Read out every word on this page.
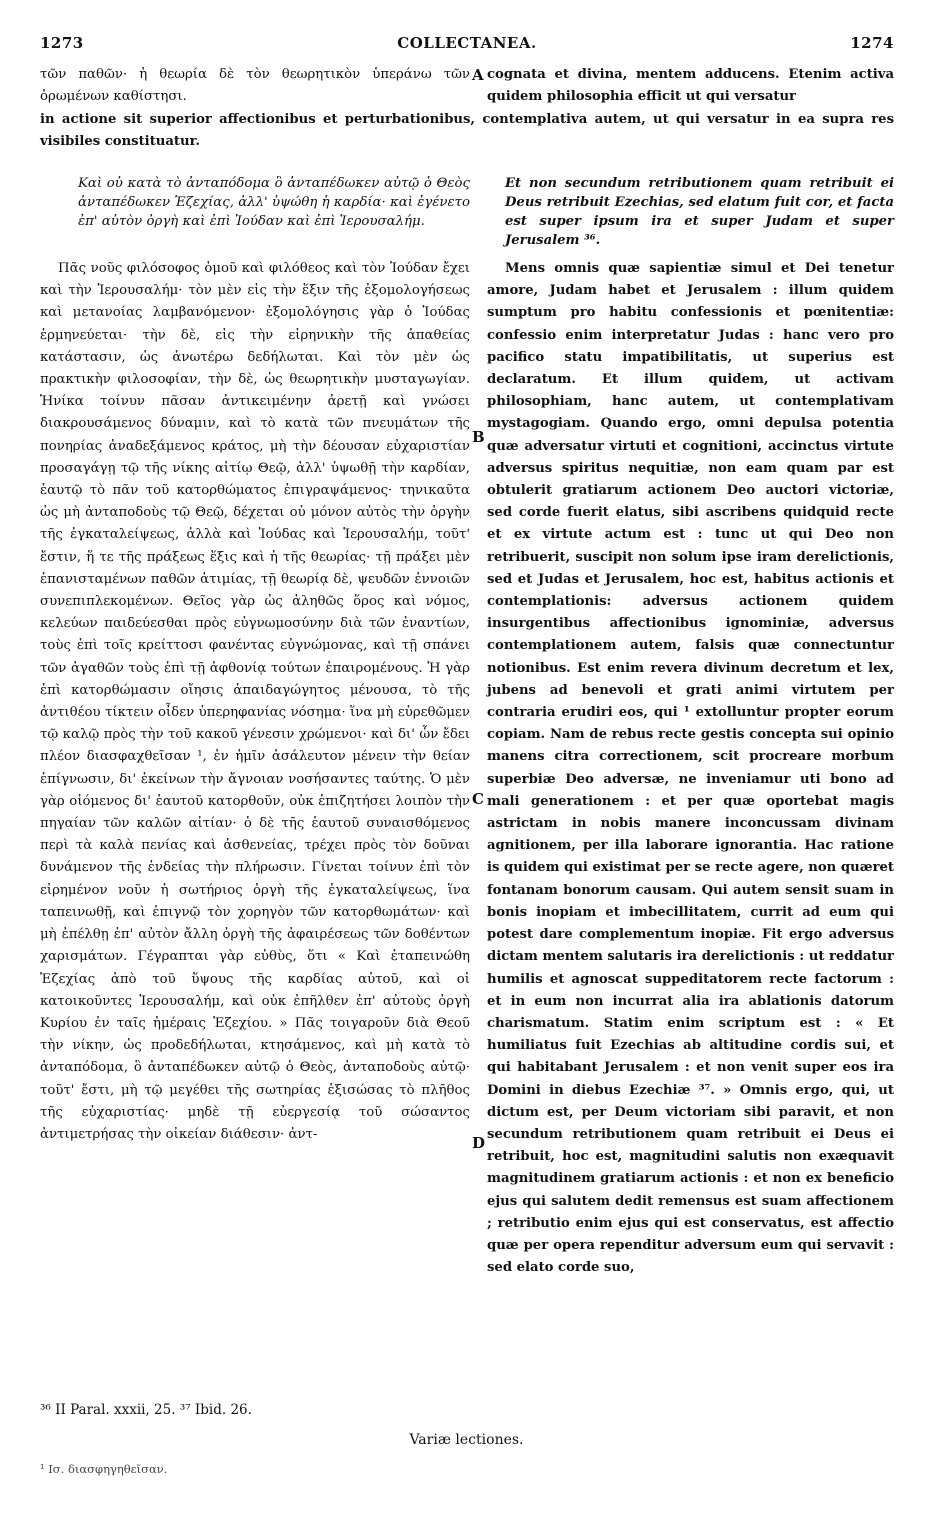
1273	COLLECTANEA.	1274

τῶν παθῶν· ἡ θεωρία δὲ τὸν θεωρητικὸν ὑπεράνω τῶν ὁρωμένων καθίστησι.

cognata et divina, mentem adducens. Etenim activa quidem philosophia efficit ut qui versatur

in actione sit superior affectionibus et perturbationibus, contemplativa autem, ut qui versatur in ea supra res visibiles constituatur.

Καὶ οὐ κατὰ τὸ ἀνταπόδομα ὃ ἀνταπέδωκεν αὐτῷ ὁ Θεὸς ἀνταπέδωκεν Ἐζεχίας, ἀλλ' ὑψώθη ἡ καρδία· καὶ ἐγένετο ἐπ' αὐτὸν ὀργὴ καὶ ἐπὶ Ἰούδαν καὶ ἐπὶ Ἱερουσαλήμ.

Et non secundum retributionem quam retribuit ei Deus retribuit Ezechias, sed elatum fuit cor, et facta est super ipsum ira et super Judam et super Jerusalem ³⁶.

Πᾶς νοῦς φιλόσοφος ὁμοῦ καὶ φιλόθεος καὶ τὸν Ἰούδαν ἔχει καὶ τὴν Ἱερουσαλήμ· τὸν μὲν εἰς τὴν ἕξιν τῆς ἐξομολογήσεως καὶ μετανοίας λαμβανόμενον· ἐξομολόγησις γὰρ ὁ Ἰούδας ἑρμηνεύεται· τὴν δὲ, εἰς τὴν εἰρηνικὴν τῆς ἀπαθείας κατάστασιν, ὡς ἀνωτέρω δεδήλωται. Καὶ τὸν μὲν ὡς πρακτικὴν φιλοσοφίαν, τὴν δὲ, ὡς θεωρητικὴν μυσταγωγίαν. Ἡνίκα τοίνυν πᾶσαν ἀντικειμένην ἀρετῇ καὶ γνώσει διακρουσάμενος δύναμιν, καὶ τὸ κατὰ τῶν πνευμάτων τῆς πονηρίας ἀναδεξάμενος κράτος, μὴ τὴν δέουσαν εὐχαριστίαν προσαγάγῃ τῷ τῆς νίκης αἰτίῳ Θεῷ, ἀλλ' ὑψωθῇ τὴν καρδίαν, ἑαυτῷ τὸ πᾶν τοῦ κατορθώματος ἐπιγραψάμενος· τηνικαῦτα ὡς μὴ ἀνταποδοὺς τῷ Θεῷ, δέχεται οὐ μόνον αὐτὸς τὴν ὀργὴν τῆς ἐγκαταλείψεως, ἀλλὰ καὶ Ἰούδας καὶ Ἱερουσαλήμ, τοῦτ' ἔστιν, ἥ τε τῆς πράξεως ἕξις καὶ ἡ τῆς θεωρίας· τῇ πράξει μὲν ἐπανισταμένων παθῶν ἀτιμίας, τῇ θεωρίᾳ δὲ, ψευδῶν ἐννοιῶν συνεπιπλεκομένων. Θεῖος γὰρ ὡς ἀληθῶς ὅρος καὶ νόμος, κελεύων παιδεύεσθαι πρὸς εὐγνωμοσύνην διὰ τῶν ἐναντίων, τοὺς ἐπὶ τοῖς κρείττοσι φανέντας εὐγνώμονας, καὶ τῇ σπάνει τῶν ἀγαθῶν τοὺς ἐπὶ τῇ ἀφθονίᾳ τούτων ἐπαιρομένους. Ἡ γὰρ ἐπὶ κατορθώμασιν οἴησις ἀπαιδαγώγητος μένουσα, τὸ τῆς ἀντιθέου τίκτειν οἶδεν ὑπερηφανίας νόσημα· ἵνα μὴ εὑρεθῶμεν τῷ καλῷ πρὸς τὴν τοῦ κακοῦ γένεσιν χρώμενοι· καὶ δι' ὧν ἔδει πλέον διασφαχθεῖσαν ¹, ἐν ἡμῖν ἀσάλευτον μένειν τὴν θείαν ἐπίγνωσιν, δι' ἐκείνων τὴν ἄγνοιαν νοσήσαντες ταύτης. Ὁ μὲν γὰρ οἰόμενος δι' ἑαυτοῦ κατορθοῦν, οὐκ ἐπιζητήσει λοιπὸν τὴν πηγαίαν τῶν καλῶν αἰτίαν· ὁ δὲ τῆς ἑαυτοῦ συναισθόμενος περὶ τὰ καλὰ πενίας καὶ ἀσθενείας, τρέχει πρὸς τὸν δοῦναι δυνάμενον τῆς ἐνδείας τὴν πλήρωσιν. Γίνεται τοίνυν ἐπὶ τὸν εἰρημένον νοῦν ἡ σωτήριος ὀργὴ τῆς ἐγκαταλείψεως, ἵνα ταπεινωθῇ, καὶ ἐπιγνῷ τὸν χορηγὸν τῶν κατορθωμάτων· καὶ μὴ ἐπέλθῃ ἐπ' αὐτὸν ἄλλη ὀργὴ τῆς ἀφαιρέσεως τῶν δοθέντων χαρισμάτων. Γέγραπται γὰρ εὐθὺς, ὅτι « Καὶ ἐταπεινώθη Ἐζεχίας ἀπὸ τοῦ ὕψους τῆς καρδίας αὐτοῦ, καὶ οἱ κατοικοῦντες Ἱερουσαλήμ, καὶ οὐκ ἐπῆλθεν ἐπ' αὐτοὺς ὀργὴ Κυρίου ἐν ταῖς ἡμέραις Ἐζεχίου. » Πᾶς τοιγαροῦν διὰ Θεοῦ τὴν νίκην, ὡς προδεδήλωται, κτησάμενος, καὶ μὴ κατὰ τὸ ἀνταπόδομα, ὃ ἀνταπέδωκεν αὐτῷ ὁ Θεὸς, ἀνταποδοὺς αὐτῷ· τοῦτ' ἔστι, μὴ τῷ μεγέθει τῆς σωτηρίας ἐξισώσας τὸ πλῆθος τῆς εὐχαριστίας· μηδὲ τῇ εὐεργεσίᾳ τοῦ σώσαντος ἀντιμετρήσας τὴν οἰκείαν διάθεσιν· ἀντ-

Mens omnis quæ sapientiæ simul et Dei tenetur amore, Judam habet et Jerusalem : illum quidem sumptum pro habitu confessionis et pœnitentiæ: confessio enim interpretatur Judas : hanc vero pro pacifico statu impatibilitatis, ut superius est declaratum. Et illum quidem, ut activam philosophiam, hanc autem, ut contemplativam mystagogiam. Quando ergo, omni depulsa potentia quæ adversatur virtuti et cognitioni, accinctus virtute adversus spiritus nequitiæ, non eam quam par est obtulerit gratiarum actionem Deo auctori victoriæ, sed corde fuerit elatus, sibi ascribens quidquid recte et ex virtute actum est : tunc ut qui Deo non retribuerit, suscipit non solum ipse iram derelictionis, sed et Judas et Jerusalem, hoc est, habitus actionis et contemplationis: adversus actionem quidem insurgentibus affectionibus ignominiæ, adversus contemplationem autem, falsis quæ connectuntur notionibus. Est enim revera divinum decretum et lex, jubens ad benevoli et grati animi virtutem per contraria erudiri eos, qui ¹ extolluntur propter eorum copiam. Nam de rebus recte gestis concepta sui opinio manens citra correctionem, scit procreare morbum superbiæ Deo adversæ, ne inveniamur uti bono ad mali generationem : et per quæ oportebat magis astrictam in nobis manere inconcussam divinam agnitionem, per illa laborare ignorantia. Hac ratione is quidem qui existimat per se recte agere, non quæret fontanam bonorum causam. Qui autem sensit suam in bonis inopiam et imbecillitatem, currit ad eum qui potest dare complementum inopiæ. Fit ergo adversus dictam mentem salutaris ira derelictionis : ut reddatur humilis et agnoscat suppeditatorem recte factorum : et in eum non incurrat alia ira ablationis datorum charismatum. Statim enim scriptum est : « Et humiliatus fuit Ezechias ab altitudine cordis sui, et qui habitabant Jerusalem : et non venit super eos ira Domini in diebus Ezechiæ ³⁷. » Omnis ergo, qui, ut dictum est, per Deum victoriam sibi paravit, et non secundum retributionem quam retribuit ei Deus ei retribuit, hoc est, magnitudini salutis non exæquavit magnitudinem gratiarum actionis : et non ex beneficio ejus qui salutem dedit remensus est suam affectionem ; retributio enim ejus qui est conservatus, est affectio quæ per opera rependitur adversum eum qui servavit : sed elato corde suo,

A
B
C
D
³⁶ II Paral. xxxii, 25. ³⁷ Ibid. 26.
Variæ lectiones.
¹ Ισ. διασφηγηθεῖσαν.
